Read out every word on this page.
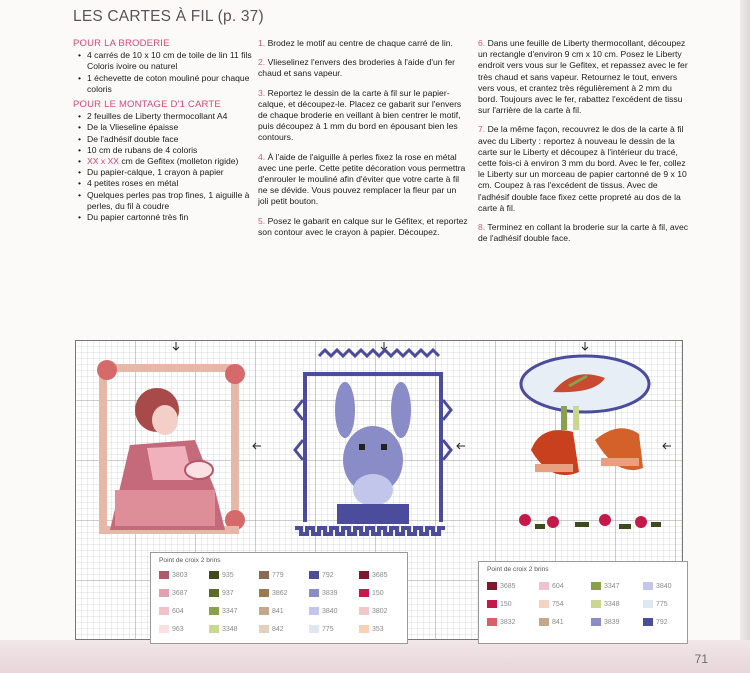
LES CARTES À FIL (p. 37)
POUR LA BRODERIE
• 4 carrés de 10 x 10 cm de toile de lin 11 fils Coloris ivoire ou naturel
• 1 échevette de coton mouliné pour chaque coloris
POUR LE MONTAGE D'1 CARTE
• 2 feuilles de Liberty thermocollant A4
• De la Vlieseline épaisse
• De l'adhésif double face
• 10 cm de rubans de 4 coloris
• XX x XX cm de Gefitex (molleton rigide)
• Du papier-calque, 1 crayon à papier
• 4 petites roses en métal
• Quelques perles pas trop fines, 1 aiguille à perles, du fil à coudre
• Du papier cartonné très fin

1. Brodez le motif au centre de chaque carré de lin.

2. Vlieselinez l'envers des broderies à l'aide d'un fer chaud et sans vapeur.

3. Reportez le dessin de la carte à fil sur le papier-calque, et découpez-le. Placez ce gabarit sur l'envers de chaque broderie en veillant à bien centrer le motif, puis découpez à 1 mm du bord en épousant bien les contours.

4. À l'aide de l'aiguille à perles fixez la rose en métal avec une perle. Cette petite décoration vous permettra d'enrouler le mouliné afin d'éviter que votre carte à fil ne se dévide. Vous pouvez remplacer la fleur par un joli petit bouton.

5. Posez le gabarit en calque sur le Géfitex, et reportez son contour avec le crayon à papier. Découpez.

6. Dans une feuille de Liberty thermocollant, découpez un rectangle d'environ 9 cm x 10 cm. Posez le Liberty endroit vers vous sur le Gefitex, et repassez avec le fer très chaud et sans vapeur. Retournez le tout, envers vers vous, et crantez très régulièrement à 2 mm du bord. Toujours avec le fer, rabattez l'excédent de tissu sur l'arrière de la carte à fil.

7. De la même façon, recouvrez le dos de la carte à fil avec du Liberty : reportez à nouveau le dessin de la carte sur le Liberty et découpez à l'intérieur du tracé, cette fois-ci à environ 3 mm du bord. Avec le fer, collez le Liberty sur un morceau de papier cartonné de 9 x 10 cm. Coupez à ras l'excédent de tissus. Avec de l'adhésif double face fixez cette propreté au dos de la carte à fil.

8. Terminez en collant la broderie sur la carte à fil, avec de l'adhésif double face.

Point de croix 2 brins
3803	935	779	792	3685
3687	937	3862	3839	150
604	3347	841	3840	3802
963	3348	842	775	353
Point de croix 2 brins
3685	604	3347	3840
150	754	3348	775
3832	841	3839	792
71
